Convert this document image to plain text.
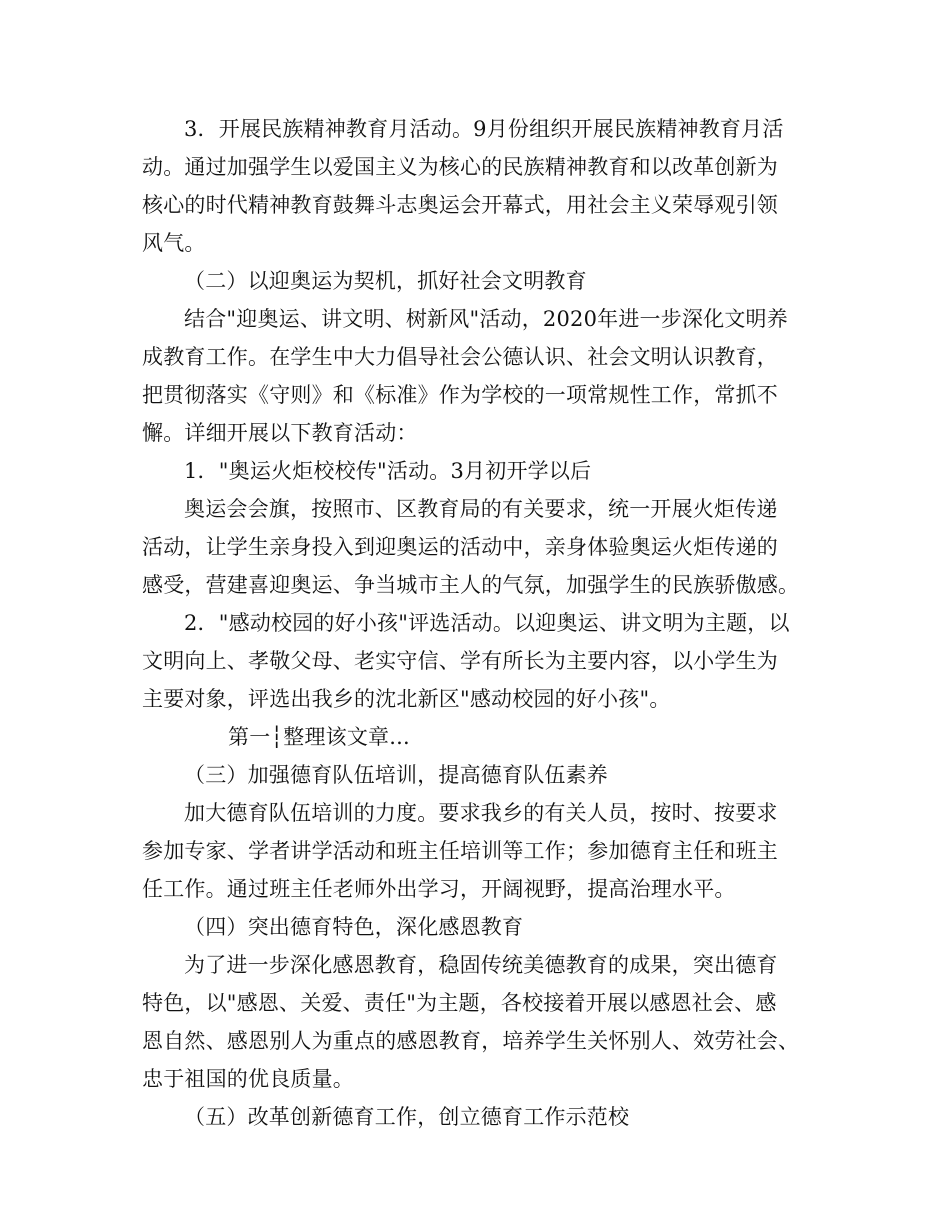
3．开展民族精神教育月活动。9月份组织开展民族精神教育月活
动。通过加强学生以爱国主义为核心的民族精神教育和以改革创新为
核心的时代精神教育鼓舞斗志奥运会开幕式，用社会主义荣辱观引领
风气。
（二）以迎奥运为契机，抓好社会文明教育
结合"迎奥运、讲文明、树新风"活动，2020年进一步深化文明养
成教育工作。在学生中大力倡导社会公德认识、社会文明认识教育，
把贯彻落实《守则》和《标准》作为学校的一项常规性工作，常抓不
懈。详细开展以下教育活动：
1．"奥运火炬校校传"活动。3月初开学以后
奥运会会旗，按照市、区教育局的有关要求，统一开展火炬传递
活动，让学生亲身投入到迎奥运的活动中，亲身体验奥运火炬传递的
感受，营建喜迎奥运、争当城市主人的气氛，加强学生的民族骄傲感。
2．"感动校园的好小孩"评选活动。以迎奥运、讲文明为主题，以
文明向上、孝敬父母、老实守信、学有所长为主要内容，以小学生为
主要对象，评选出我乡的沈北新区"感动校园的好小孩"。
第一┆整理该文章...
（三）加强德育队伍培训，提高德育队伍素养
加大德育队伍培训的力度。要求我乡的有关人员，按时、按要求
参加专家、学者讲学活动和班主任培训等工作；参加德育主任和班主
任工作。通过班主任老师外出学习，开阔视野，提高治理水平。
（四）突出德育特色，深化感恩教育
为了进一步深化感恩教育，稳固传统美德教育的成果，突出德育
特色，以"感恩、关爱、责任"为主题，各校接着开展以感恩社会、感
恩自然、感恩别人为重点的感恩教育，培养学生关怀别人、效劳社会、
忠于祖国的优良质量。
（五）改革创新德育工作，创立德育工作示范校
